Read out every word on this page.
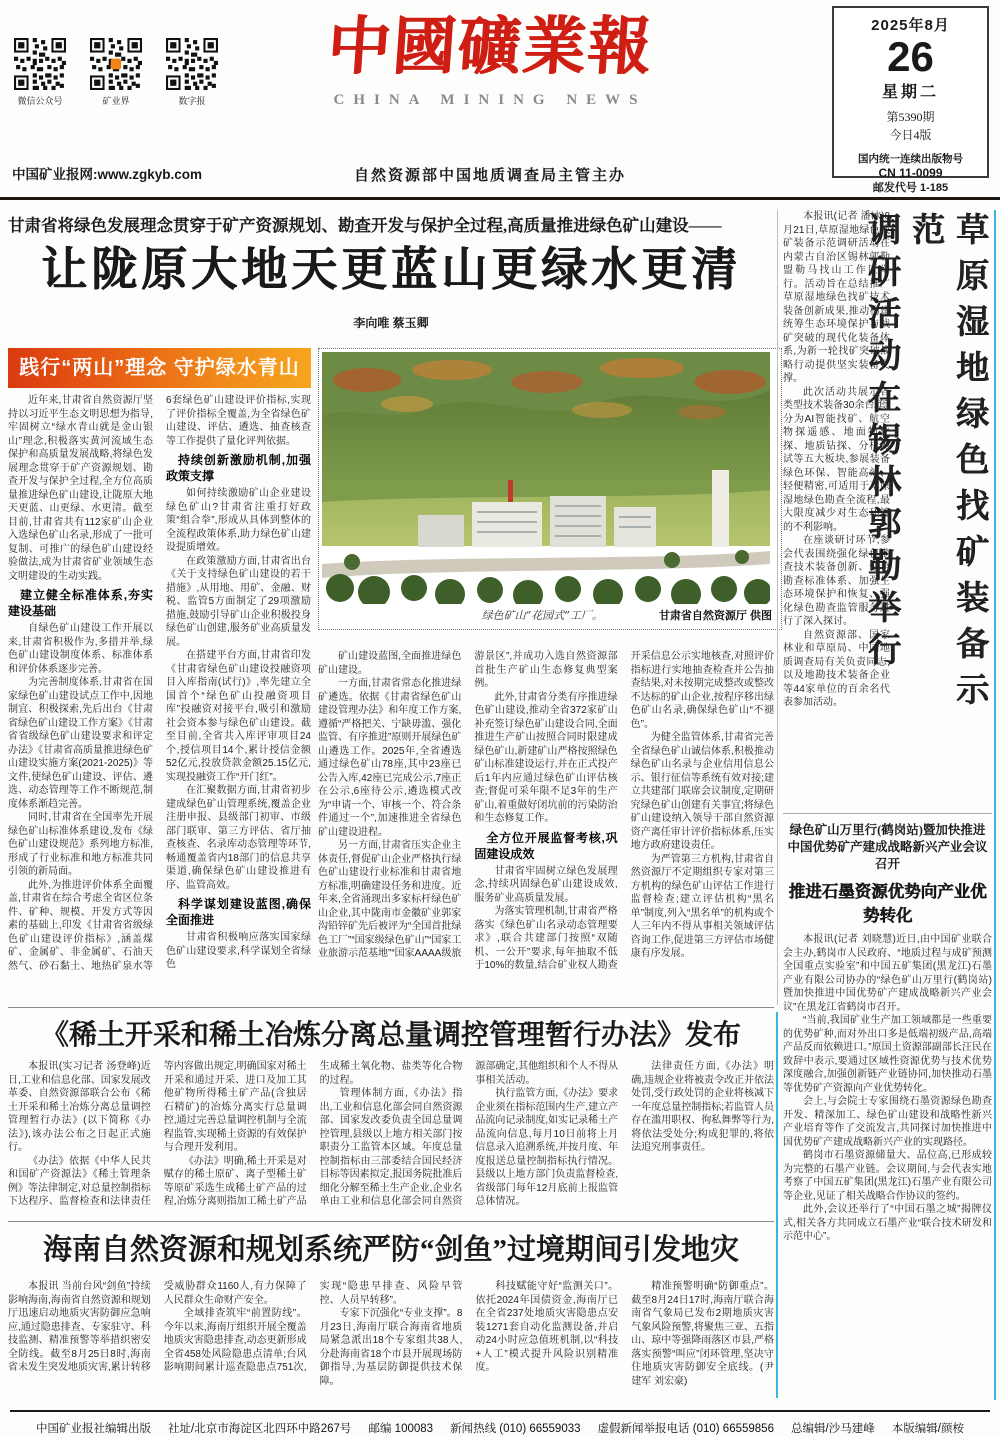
微信公众号	矿业界	数字报
中国矿业报网:www.zgkyb.com
中國礦業報
CHINA MINING NEWS
自然资源部中国地质调查局主管主办
2025年8月
26
星期二
第5390期
今日4版
国内统一连续出版物号
CN 11-0099
邮发代号 1-185
甘肃省将绿色发展理念贯穿于矿产资源规划、勘查开发与保护全过程,高质量推进绿色矿山建设——
让陇原大地天更蓝山更绿水更清
李向唯 蔡玉卿
践行“两山”理念 守护绿水青山

近年来,甘肃省自然资源厅坚持以习近平生态文明思想为指导,牢固树立“绿水青山就是金山银山”理念,积极落实黄河流域生态保护和高质量发展战略,将绿色发展理念贯穿于矿产资源规划、勘查开发与保护全过程,全方位高质量推进绿色矿山建设,让陇原大地天更蓝、山更绿、水更清。截至目前,甘肃省共有112家矿山企业入选绿色矿山名录,形成了一批可复制、可推广的绿色矿山建设经验做法,成为甘肃省矿业领域生态文明建设的生动实践。

建立健全标准体系,夯实建设基础

自绿色矿山建设工作开展以来,甘肃省积极作为,多措并举,绿色矿山建设制度体系、标准体系和评价体系逐步完善。

为完善制度体系,甘肃省在国家绿色矿山建设试点工作中,因地制宜、积极探索,先后出台《甘肃省绿色矿山建设工作方案》《甘肃省省级绿色矿山建设要求和评定办法》《甘肃省高质量推进绿色矿山建设实施方案(2021-2025)》等文件,使绿色矿山建设、评估、遴选、动态管理等工作不断规范,制度体系渐趋完善。

同时,甘肃省在全国率先开展绿色矿山标准体系建设,发布《绿色矿山建设规范》系列地方标准,形成了行业标准和地方标准共同引领的新局面。

此外,为推进评价体系全面覆盖,甘肃省在综合考虑全省区位条件、矿种、规模、开发方式等因素的基础上,印发《甘肃省省级绿色矿山建设评价指标》,涵盖煤矿、金属矿、非金属矿、石油天然气、砂石黏土、地热矿泉水等6套绿色矿山建设评价指标,实现了评价指标全覆盖,为全省绿色矿山建设、评估、遴选、抽查核查等工作提供了量化评判依据。

持续创新激励机制,加强政策支撑

如何持续激励矿山企业建设绿色矿山?甘肃省注重打好政策“组合拳”,形成从具体到整体的全流程政策体系,助力绿色矿山建设提质增效。

在政策激励方面,甘肃省出台《关于支持绿色矿山建设的若干措施》,从用地、用矿、金融、财税、监管5方面制定了29项激励措施,鼓励引导矿山企业积极投身绿色矿山创建,服务矿业高质量发展。

在搭建平台方面,甘肃省印发《甘肃省绿色矿山建设投融资项目入库指南(试行)》,率先建立全国首个“绿色矿山投融资项目库”投融资对接平台,吸引和激励社会资本参与绿色矿山建设。截至目前,全省共入库评审项目24个,授信项目14个,累计授信金额52亿元,投放贷款金额25.15亿元,实现投融资工作“开门红”。

在汇聚数据方面,甘肃省初步建成绿色矿山管理系统,覆盖企业注册申报、县级部门初审、市级部门联审、第三方评估、省厅抽查核查、名录库动态管理等环节,畅通覆盖省内18部门的信息共享渠道,确保绿色矿山建设推进有序、监管高效。

科学谋划建设蓝图,确保全面推进

甘肃省积极响应落实国家绿色矿山建设要求,科学谋划全省绿色

绿色矿山“花园式”工厂。	甘肃省自然资源厅 供图

矿山建设蓝图,全面推进绿色矿山建设。

一方面,甘肃省常态化推进绿矿遴选。依据《甘肃省绿色矿山建设管理办法》和年度工作方案,遵循“严格把关、宁缺毋滥、强化监管、有序推进”原则开展绿色矿山遴选工作。2025年,全省遴选通过绿色矿山78座,其中23座已公告入库,42座已完成公示,7座正在公示,6座待公示,遴选模式改为“申请一个、审核一个、符合条件通过一个”,加速推进全省绿色矿山建设进程。

另一方面,甘肃省压实企业主体责任,督促矿山企业严格执行绿色矿山建设行业标准和甘肃省地方标准,明确建设任务和进度。近年来,全省涌现出多家标杆绿色矿山企业,其中陇南市金徽矿业郭家沟铅锌矿先后被评为“全国首批绿色工厂”“国家级绿色矿山”“国家工业旅游示范基地”“国家AAAA级旅游景区”,并成功入选自然资源部首批生产矿山生态修复典型案例。

此外,甘肃省分类有序推进绿色矿山建设,推动全省372家矿山补充签订绿色矿山建设合同,全面推进生产矿山按照合同时限建成绿色矿山,新建矿山严格按照绿色矿山标准建设运行,并在正式投产后1年内应通过绿色矿山评估核查;督促可采年限不足3年的生产矿山,着重做好闭坑前的污染防治和生态修复工作。

全方位开展监督考核,巩固建设成效

甘肃省牢固树立绿色发展理念,持续巩固绿色矿山建设成效,服务矿业高质量发展。

为落实管理机制,甘肃省严格落实《绿色矿山名录动态管理要求》,联合共建部门按照“双随机、一公开”要求,每年抽取不低于10%的数量,结合矿业权人勘查开采信息公示实地核查,对照评价指标进行实地抽查检查并公告抽查结果,对未按期完成整改或整改不达标的矿山企业,按程序移出绿色矿山名录,确保绿色矿山“不褪色”。

为健全监管体系,甘肃省完善全省绿色矿山诚信体系,积极推动绿色矿山名录与企业信用信息公示、银行征信等系统有效对接;建立共建部门联席会议制度,定期研究绿色矿山创建有关事宜;将绿色矿山建设纳入领导干部自然资源资产离任审计评价指标体系,压实地方政府建设责任。

为严管第三方机构,甘肃省自然资源厅不定期组织专家对第三方机构的绿色矿山评估工作进行监督检查;建立评估机构“黑名单”制度,列入“黑名单”的机构或个人三年内不得从事相关领域评估咨询工作,促进第三方评估市场健康有序发展。

《稀土开采和稀土冶炼分离总量调控管理暂行办法》发布

本报讯(实习记者 汤登峰)近日,工业和信息化部、国家发展改革委、自然资源部联合公布《稀土开采和稀土冶炼分离总量调控管理暂行办法》(以下简称《办法》),该办法公布之日起正式施行。

《办法》依据《中华人民共和国矿产资源法》《稀土管理条例》等法律制定,对总量控制指标下达程序、监督检查和法律责任等内容做出规定,明确国家对稀土开采和通过开采、进口及加工其他矿物所得稀土矿产品(含独居石精矿)的冶炼分离实行总量调控,通过完善总量调控机制与全流程监管,实现稀土资源的有效保护与合理开发利用。

《办法》明确,稀土开采是对赋存的稀土原矿、离子型稀土矿等原矿采选生成稀土矿产品的过程,冶炼分离则指加工稀土矿产品生成稀土氧化物、盐类等化合物的过程。

管理体制方面,《办法》指出,工业和信息化部会同自然资源部、国家发改委负责全国总量调控管理,县级以上地方相关部门按职责分工监管本区域。年度总量控制指标由三部委结合国民经济目标等因素拟定,报国务院批准后细化分解至稀土生产企业,企业名单由工业和信息化部会同自然资源部确定,其他组织和个人不得从事相关活动。

执行监管方面,《办法》要求企业须在指标范围内生产,建立产品流向记录制度,如实记录稀土产品流向信息,每月10日前将上月信息录入追溯系统,并按月度、年度报送总量控制指标执行情况。县级以上地方部门负责监督检查,省级部门每年12月底前上报监管总体情况。

法律责任方面,《办法》明确,违规企业将被责令改正并依法处罚,受行政处罚的企业将核减下一年度总量控制指标;若监管人员存在滥用职权、徇私舞弊等行为,将依法受处分;构成犯罪的,将依法追究刑事责任。

海南自然资源和规划系统严防“剑鱼”过境期间引发地灾

本报讯 当前台风“剑鱼”持续影响海南,海南省自然资源和规划厅迅速启动地质灾害防御应急响应,通过隐患排查、专家驻守、科技监测、精准预警等举措织密安全防线。截至8月25日8时,海南省未发生突发地质灾害,累计转移受威胁群众1160人,有力保障了人民群众生命财产安全。

全域排查筑牢“前置防线”。今年以来,海南厅组织开展全覆盖地质灾害隐患排查,动态更新形成全省458处风险隐患点清单;台风影响期间累计巡查隐患点751次,实现“隐患早排查、风险早管控、人员早转移”。

专家下沉强化“专业支撑”。8月23日,海南厅联合海南省地质局紧急派出18个专家组共38人,分赴海南省18个市县开展现场防御指导,为基层防御提供技术保障。

科技赋能守好“监测关口”。依托2024年国债资金,海南厅已在全省237处地质灾害隐患点安装1271套自动化监测设备,并启动24小时应急值班机制,以“科技+人工”模式提升风险识别精准度。

精准预警明确“防御重点”。截至8月24日17时,海南厅联合海南省气象局已发布2期地质灾害气象风险预警,将聚焦三亚、五指山、琼中等强降雨落区市县,严格落实预警“叫应”闭环管理,坚决守住地质灾害防御安全底线。(尹建军 刘宏豪)

草原湿地绿色找矿装备示范
调研活动在锡林郭勒举行

本报讯(记者 潘冰)8月21日,草原湿地绿色找矿装备示范调研活动在内蒙古自治区锡林郭勒盟勒马找山工作区举行。活动旨在总结推广草原湿地绿色找矿技术装备创新成果,推动构建统筹生态环境保护与找矿突破的现代化装备体系,为新一轮找矿突破战略行动提供坚实装备支撑。

此次活动共展示各类型技术装备30余台/套,分为AI智能找矿、航空物探遥感、地面物化探、地质钻探、分析测试等五大板块,参展装备绿色环保、智能高效、轻便精密,可适用于草原湿地绿色勘查全流程,最大限度减少对生态环境的不利影响。

在座谈研讨环节,参会代表围绕强化绿色勘查技术装备创新、健全勘查标准体系、加强生态环境保护和恢复、强化绿色勘查监管服务进行了深入探讨。

自然资源部、国家林业和草原局、中国地质调查局有关负责同志,以及地勘技术装备企业等44家单位的百余名代表参加活动。

绿色矿山万里行(鹤岗站)暨加快推进
中国优势矿产建成战略新兴产业会议召开
推进石墨资源优势向产业优势转化

本报讯(记者 刘晓慧)近日,由中国矿业联合会主办,鹤岗市人民政府、“地质过程与成矿预测全国重点实验室”和中国五矿集团(黑龙江)石墨产业有限公司协办的“绿色矿山万里行(鹤岗站)暨加快推进中国优势矿产建成战略新兴产业会议”在黑龙江省鹤岗市召开。

“当前,我国矿业生产加工领域都是一些重要的优势矿种,而对外出口多是低端初级产品,高端产品反而依赖进口。”原国土资源部副部长汪民在致辞中表示,要通过区域性资源优势与技术优势深度融合,加强创新链产业链协同,加快推动石墨等优势矿产资源向产业优势转化。

会上,与会院士专家围绕石墨资源绿色勘查开发、精深加工、绿色矿山建设和战略性新兴产业培育等作了交流发言,共同探讨加快推进中国优势矿产建成战略新兴产业的实现路径。

鹤岗市石墨资源储量大、品位高,已形成较为完整的石墨产业链。会议期间,与会代表实地考察了中国五矿集团(黑龙江)石墨产业有限公司等企业,见证了相关战略合作协议的签约。

此外,会议还举行了“中国石墨之城”揭牌仪式,相关各方共同成立石墨产业“联合技术研发和示范中心”。

中国矿业报社编辑出版 社址/北京市海淀区北四环中路267号 邮编 100083 新闻热线 (010) 66559033 虚假新闻举报电话 (010) 66559856 总编辑/沙马建峰 本版编辑/颜桉
